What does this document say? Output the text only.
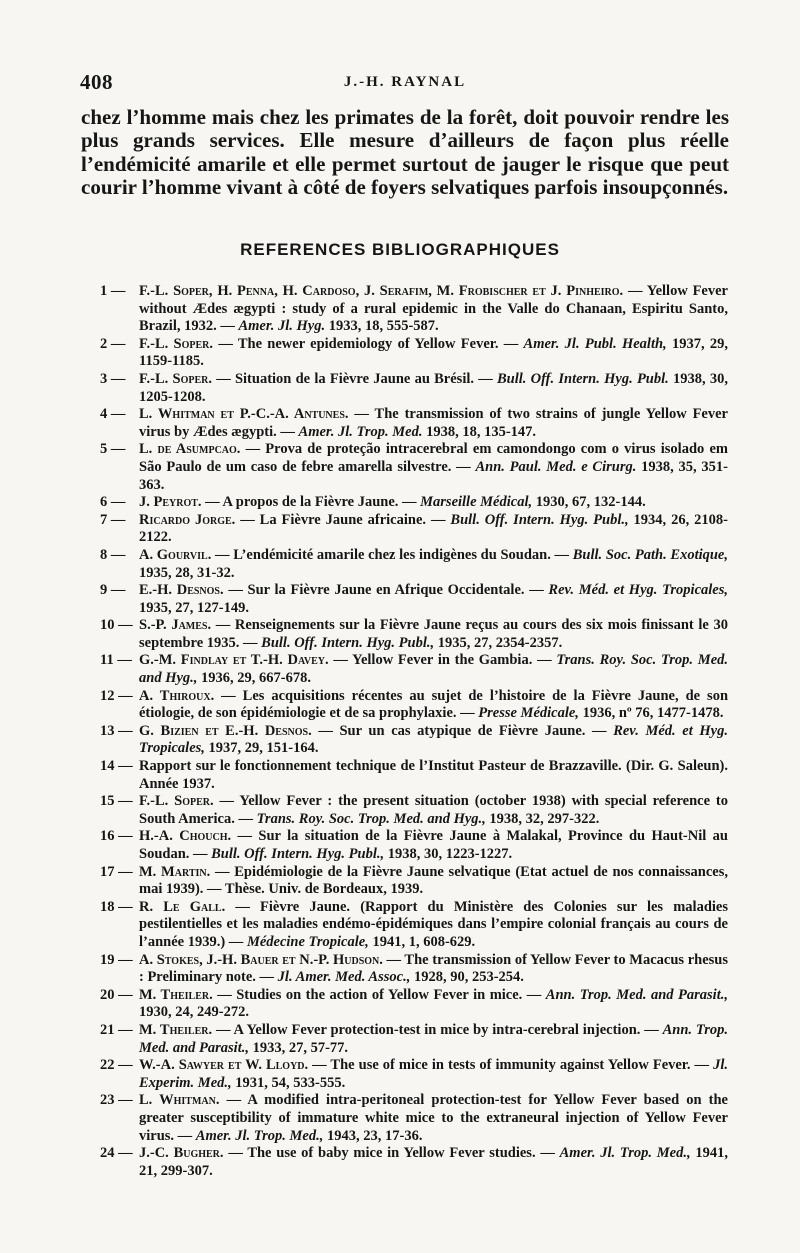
408	J.-H. RAYNAL

chez l’homme mais chez les primates de la forêt, doit pouvoir rendre les plus grands services. Elle mesure d’ailleurs de façon plus réelle l’endémicité amarile et elle permet surtout de jauger le risque que peut courir l’homme vivant à côté de foyers selvatiques parfois insoupçonnés.

REFERENCES BIBLIOGRAPHIQUES
1 — F.-L. Soper, H. Penna, H. Cardoso, J. Serafim, M. Frobischer et J. Pinheiro. — Yellow Fever without Ædes ægypti : study of a rural epidemic in the Valle do Chanaan, Espiritu Santo, Brazil, 1932. — Amer. Jl. Hyg. 1933, 18, 555-587.
2 — F.-L. Soper. — The newer epidemiology of Yellow Fever. — Amer. Jl. Publ. Health, 1937, 29, 1159-1185.
3 — F.-L. Soper. — Situation de la Fièvre Jaune au Brésil. — Bull. Off. Intern. Hyg. Publ. 1938, 30, 1205-1208.
4 — L. Whitman et P.-C.-A. Antunes. — The transmission of two strains of jungle Yellow Fever virus by Ædes ægypti. — Amer. Jl. Trop. Med. 1938, 18, 135-147.
5 — L. de Asumpcao. — Prova de proteção intracerebral em camondongo com o virus isolado em São Paulo de um caso de febre amarella silvestre. — Ann. Paul. Med. e Cirurg. 1938, 35, 351-363.
6 — J. Peyrot. — A propos de la Fièvre Jaune. — Marseille Médical, 1930, 67, 132-144.
7 — Ricardo Jorge. — La Fièvre Jaune africaine. — Bull. Off. Intern. Hyg. Publ., 1934, 26, 2108-2122.
8 — A. Gourvil. — L’endémicité amarile chez les indigènes du Soudan. — Bull. Soc. Path. Exotique, 1935, 28, 31-32.
9 — E.-H. Desnos. — Sur la Fièvre Jaune en Afrique Occidentale. — Rev. Méd. et Hyg. Tropicales, 1935, 27, 127-149.
10 — S.-P. James. — Renseignements sur la Fièvre Jaune reçus au cours des six mois finissant le 30 septembre 1935. — Bull. Off. Intern. Hyg. Publ., 1935, 27, 2354-2357.
11 — G.-M. Findlay et T.-H. Davey. — Yellow Fever in the Gambia. — Trans. Roy. Soc. Trop. Med. and Hyg., 1936, 29, 667-678.
12 — A. Thiroux. — Les acquisitions récentes au sujet de l’histoire de la Fièvre Jaune, de son étiologie, de son épidémiologie et de sa prophylaxie. — Presse Médicale, 1936, nº 76, 1477-1478.
13 — G. Bizien et E.-H. Desnos. — Sur un cas atypique de Fièvre Jaune. — Rev. Méd. et Hyg. Tropicales, 1937, 29, 151-164.
14 — Rapport sur le fonctionnement technique de l’Institut Pasteur de Brazzaville. (Dir. G. Saleun). Année 1937.
15 — F.-L. Soper. — Yellow Fever : the present situation (october 1938) with special reference to South America. — Trans. Roy. Soc. Trop. Med. and Hyg., 1938, 32, 297-322.
16 — H.-A. Chouch. — Sur la situation de la Fièvre Jaune à Malakal, Province du Haut-Nil au Soudan. — Bull. Off. Intern. Hyg. Publ., 1938, 30, 1223-1227.
17 — M. Martin. — Epidémiologie de la Fièvre Jaune selvatique (Etat actuel de nos connaissances, mai 1939). — Thèse. Univ. de Bordeaux, 1939.
18 — R. Le Gall. — Fièvre Jaune. (Rapport du Ministère des Colonies sur les maladies pestilentielles et les maladies endémo-épidémiques dans l’empire colonial français au cours de l’année 1939.) — Médecine Tropicale, 1941, 1, 608-629.
19 — A. Stokes, J.-H. Bauer et N.-P. Hudson. — The transmission of Yellow Fever to Macacus rhesus : Preliminary note. — Jl. Amer. Med. Assoc., 1928, 90, 253-254.
20 — M. Theiler. — Studies on the action of Yellow Fever in mice. — Ann. Trop. Med. and Parasit., 1930, 24, 249-272.
21 — M. Theiler. — A Yellow Fever protection-test in mice by intra-cerebral injection. — Ann. Trop. Med. and Parasit., 1933, 27, 57-77.
22 — W.-A. Sawyer et W. Lloyd. — The use of mice in tests of immunity against Yellow Fever. — Jl. Experim. Med., 1931, 54, 533-555.
23 — L. Whitman. — A modified intra-peritoneal protection-test for Yellow Fever based on the greater susceptibility of immature white mice to the extraneural injection of Yellow Fever virus. — Amer. Jl. Trop. Med., 1943, 23, 17-36.
24 — J.-C. Bugher. — The use of baby mice in Yellow Fever studies. — Amer. Jl. Trop. Med., 1941, 21, 299-307.
